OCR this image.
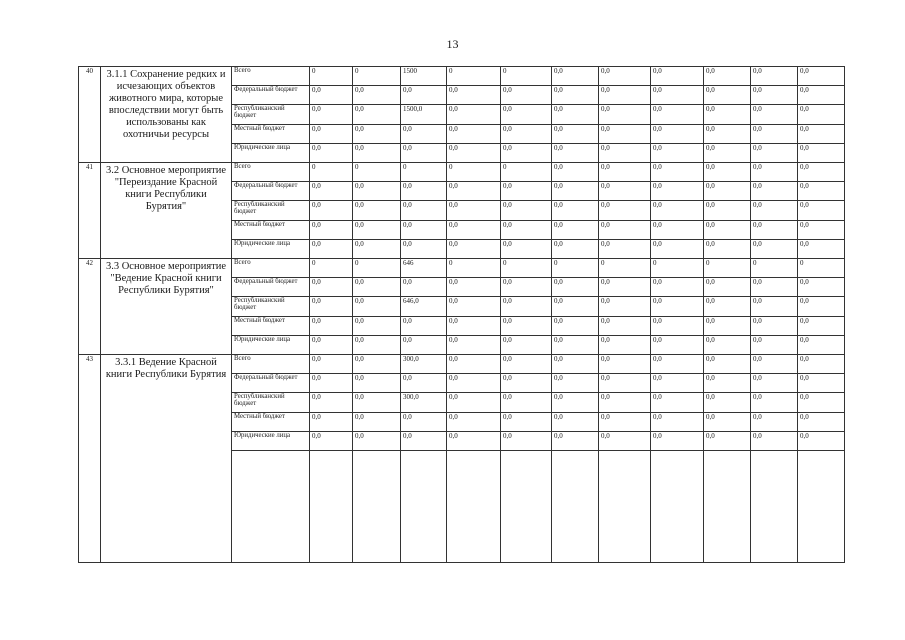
13
40	3.1.1 Сохранение редких и исчезающих объектов животного мира, которые впоследствии могут быть использованы как охотничьи ресурсы	Всего	0	0	1500	0	0	0,0	0,0	0,0	0,0	0,0	0,0
		Федеральный бюджет	0,0	0,0	0,0	0,0	0,0	0,0	0,0	0,0	0,0	0,0	0,0
		Республиканский бюджет	0,0	0,0	1500,0	0,0	0,0	0,0	0,0	0,0	0,0	0,0	0,0
		Местный бюджет	0,0	0,0	0,0	0,0	0,0	0,0	0,0	0,0	0,0	0,0	0,0
		Юридические лица	0,0	0,0	0,0	0,0	0,0	0,0	0,0	0,0	0,0	0,0	0,0
41	3.2 Основное мероприятие "Переиздание Красной книги Республики Бурятия"	Всего	0	0	0	0	0	0,0	0,0	0,0	0,0	0,0	0,0
		Федеральный бюджет	0,0	0,0	0,0	0,0	0,0	0,0	0,0	0,0	0,0	0,0	0,0
		Республиканский бюджет	0,0	0,0	0,0	0,0	0,0	0,0	0,0	0,0	0,0	0,0	0,0
		Местный бюджет	0,0	0,0	0,0	0,0	0,0	0,0	0,0	0,0	0,0	0,0	0,0
		Юридические лица	0,0	0,0	0,0	0,0	0,0	0,0	0,0	0,0	0,0	0,0	0,0
42	3.3 Основное мероприятие "Ведение Красной книги Республики Бурятия"	Всего	0	0	646	0	0	0	0	0	0	0	0
		Федеральный бюджет	0,0	0,0	0,0	0,0	0,0	0,0	0,0	0,0	0,0	0,0	0,0
		Республиканский бюджет	0,0	0,0	646,0	0,0	0,0	0,0	0,0	0,0	0,0	0,0	0,0
		Местный бюджет	0,0	0,0	0,0	0,0	0,0	0,0	0,0	0,0	0,0	0,0	0,0
		Юридические лица	0,0	0,0	0,0	0,0	0,0	0,0	0,0	0,0	0,0	0,0	0,0
43	3.3.1 Ведение Красной книги Республики Бурятия	Всего	0,0	0,0	300,0	0,0	0,0	0,0	0,0	0,0	0,0	0,0	0,0
		Федеральный бюджет	0,0	0,0	0,0	0,0	0,0	0,0	0,0	0,0	0,0	0,0	0,0
		Республиканский бюджет	0,0	0,0	300,0	0,0	0,0	0,0	0,0	0,0	0,0	0,0	0,0
		Местный бюджет	0,0	0,0	0,0	0,0	0,0	0,0	0,0	0,0	0,0	0,0	0,0
		Юридические лица	0,0	0,0	0,0	0,0	0,0	0,0	0,0	0,0	0,0	0,0	0,0
